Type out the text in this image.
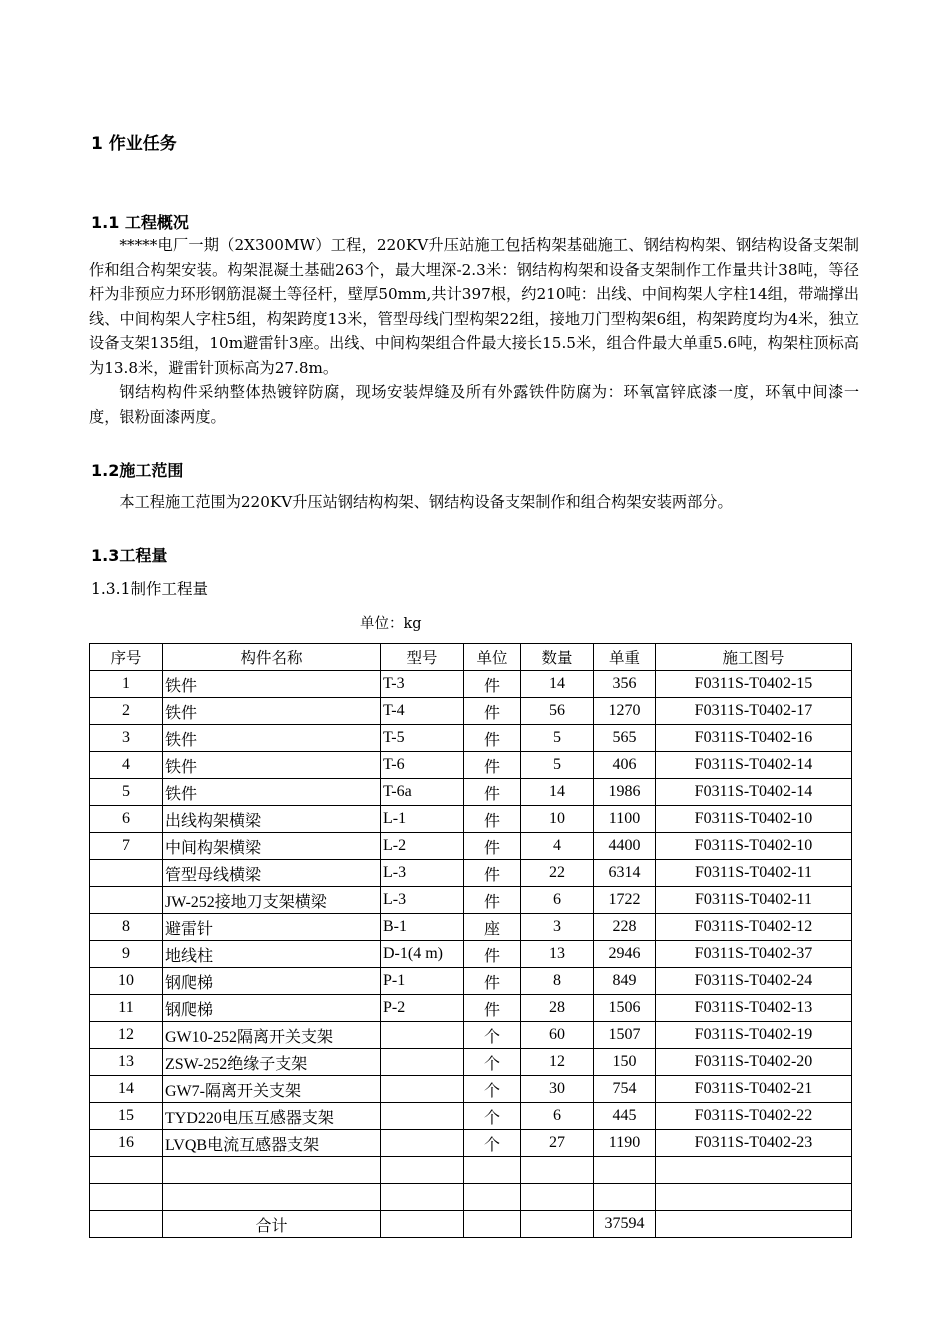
1 作业任务
1.1 工程概况

*****电厂一期（2X300MW）工程，220KV升压站施工包括构架基础施工、钢结构构架、钢结构设备支架制作和组合构架安装。构架混凝土基础263个，最大埋深-2.3米：钢结构构架和设备支架制作工作量共计38吨，等径杆为非预应力环形钢筋混凝土等径杆，壁厚50mm,共计397根，约210吨：出线、中间构架人字柱14组，带端撑出线、中间构架人字柱5组，构架跨度13米，管型母线门型构架22组，接地刀门型构架6组，构架跨度均为4米，独立设备支架135组，10m避雷针3座。出线、中间构架组合件最大接长15.5米，组合件最大单重5.6吨，构架柱顶标高为13.8米，避雷针顶标高为27.8m。

钢结构构件采纳整体热镀锌防腐，现场安装焊缝及所有外露铁件防腐为：环氧富锌底漆一度，环氧中间漆一度，银粉面漆两度。

1.2施工范围

本工程施工范围为220KV升压站钢结构构架、钢结构设备支架制作和组合构架安装两部分。

1.3工程量
1.3.1制作工程量
单位：kg
序号	构件名称	型号	单位	数量	单重	施工图号
1	铁件	T-3	件	14	356	F0311S-T0402-15
2	铁件	T-4	件	56	1270	F0311S-T0402-17
3	铁件	T-5	件	5	565	F0311S-T0402-16
4	铁件	T-6	件	5	406	F0311S-T0402-14
5	铁件	T-6a	件	14	1986	F0311S-T0402-14
6	出线构架横梁	L-1	件	10	1100	F0311S-T0402-10
7	中间构架横梁	L-2	件	4	4400	F0311S-T0402-10
	管型母线横梁	L-3	件	22	6314	F0311S-T0402-11
	JW-252接地刀支架横梁	L-3	件	6	1722	F0311S-T0402-11
8	避雷针	B-1	座	3	228	F0311S-T0402-12
9	地线柱	D-1(4 m)	件	13	2946	F0311S-T0402-37
10	钢爬梯	P-1	件	8	849	F0311S-T0402-24
11	钢爬梯	P-2	件	28	1506	F0311S-T0402-13
12	GW10-252隔离开关支架		个	60	1507	F0311S-T0402-19
13	ZSW-252绝缘子支架		个	12	150	F0311S-T0402-20
14	GW7-隔离开关支架		个	30	754	F0311S-T0402-21
15	TYD220电压互感器支架		个	6	445	F0311S-T0402-22
16	LVQB电流互感器支架		个	27	1190	F0311S-T0402-23

	合计				37594	
